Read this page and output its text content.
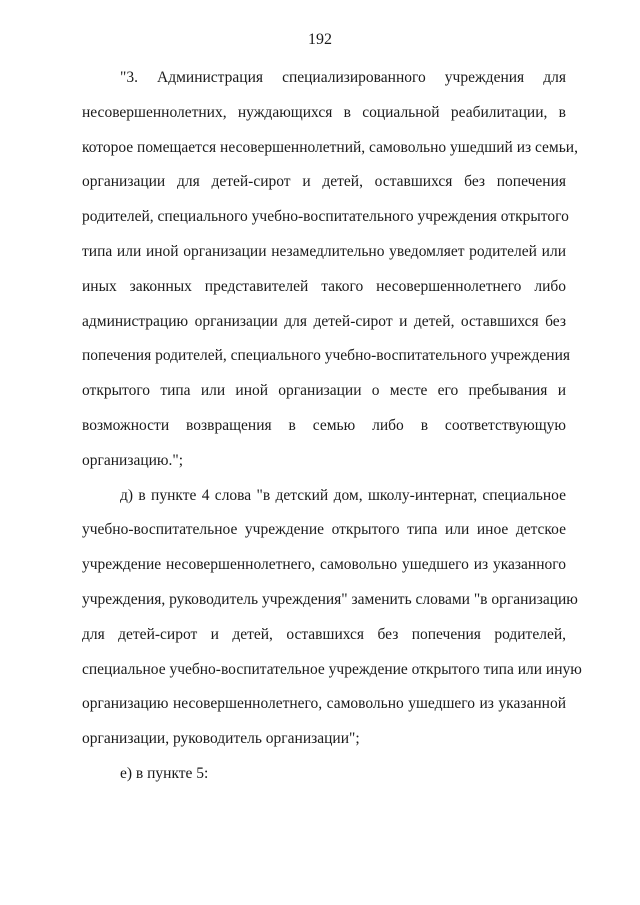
192
"3. Администрация специализированного учреждения для
несовершеннолетних, нуждающихся в социальной реабилитации, в
которое помещается несовершеннолетний, самовольно ушедший из семьи,
организации для детей-сирот и детей, оставшихся без попечения
родителей, специального учебно-воспитательного учреждения открытого
типа или иной организации незамедлительно уведомляет родителей или
иных законных представителей такого несовершеннолетнего либо
администрацию организации для детей-сирот и детей, оставшихся без
попечения родителей, специального учебно-воспитательного учреждения
открытого типа или иной организации о месте его пребывания и
возможности возвращения в семью либо в соответствующую
организацию.";
д) в пункте 4 слова "в детский дом, школу-интернат, специальное
учебно-воспитательное учреждение открытого типа или иное детское
учреждение несовершеннолетнего, самовольно ушедшего из указанного
учреждения, руководитель учреждения" заменить словами "в организацию
для детей-сирот и детей, оставшихся без попечения родителей,
специальное учебно-воспитательное учреждение открытого типа или иную
организацию несовершеннолетнего, самовольно ушедшего из указанной
организации, руководитель организации";
е) в пункте 5:
